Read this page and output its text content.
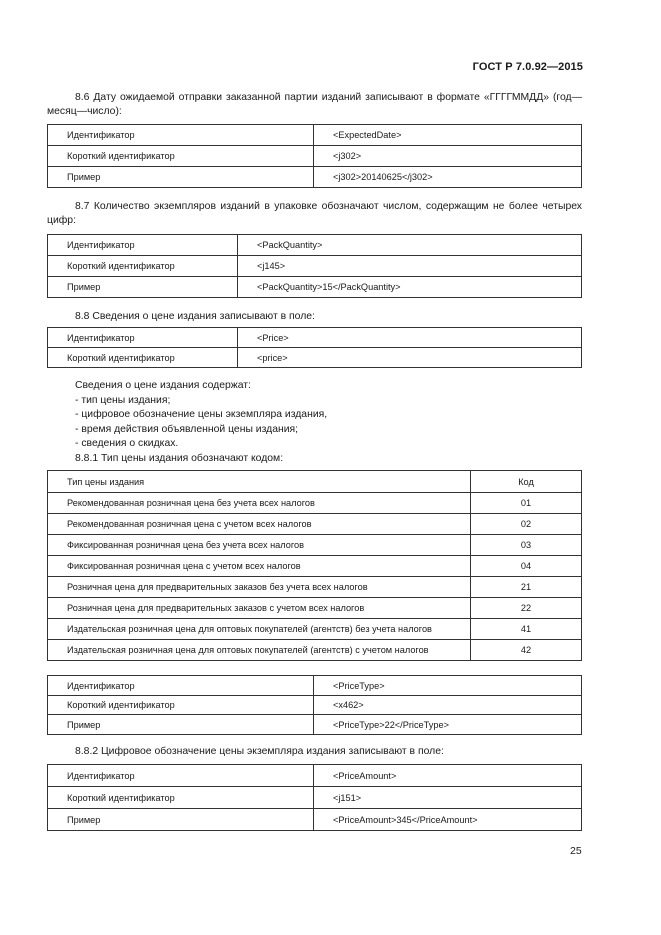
ГОСТ Р 7.0.92—2015
8.6 Дату ожидаемой отправки заказанной партии изданий записывают в формате «ГГГГММДД» (год—месяц—число):
Идентификатор	<ExpectedDate>
Короткий идентификатор	<j302>
Пример	<j302>20140625</j302>
8.7 Количество экземпляров изданий в упаковке обозначают числом, содержащим не более четырех цифр:
Идентификатор	<PackQuantity>
Короткий идентификатор	<j145>
Пример	<PackQuantity>15</PackQuantity>
8.8 Сведения о цене издания записывают в поле:
Идентификатор	<Price>
Короткий идентификатор	<price>
Сведения о цене издания содержат:
- тип цены издания;
- цифровое обозначение цены экземпляра издания,
- время действия объявленной цены издания;
- сведения о скидках.
8.8.1 Тип цены издания обозначают кодом:
Тип цены издания	Код
Рекомендованная розничная цена без учета всех налогов	01
Рекомендованная розничная цена с учетом всех налогов	02
Фиксированная розничная цена без учета всех налогов	03
Фиксированная розничная цена с учетом всех налогов	04
Розничная цена для предварительных заказов без учета всех налогов	21
Розничная цена для предварительных заказов с учетом всех налогов	22
Издательская розничная цена для оптовых покупателей (агентств) без учета налогов	41
Издательская розничная цена для оптовых покупателей (агентств) с учетом налогов	42
Идентификатор	<PriceType>
Короткий идентификатор	<x462>
Пример	<PriceType>22</PriceType>
8.8.2 Цифровое обозначение цены экземпляра издания записывают в поле:
Идентификатор	<PriceAmount>
Короткий идентификатор	<j151>
Пример	<PriceAmount>345</PriceAmount>
25
